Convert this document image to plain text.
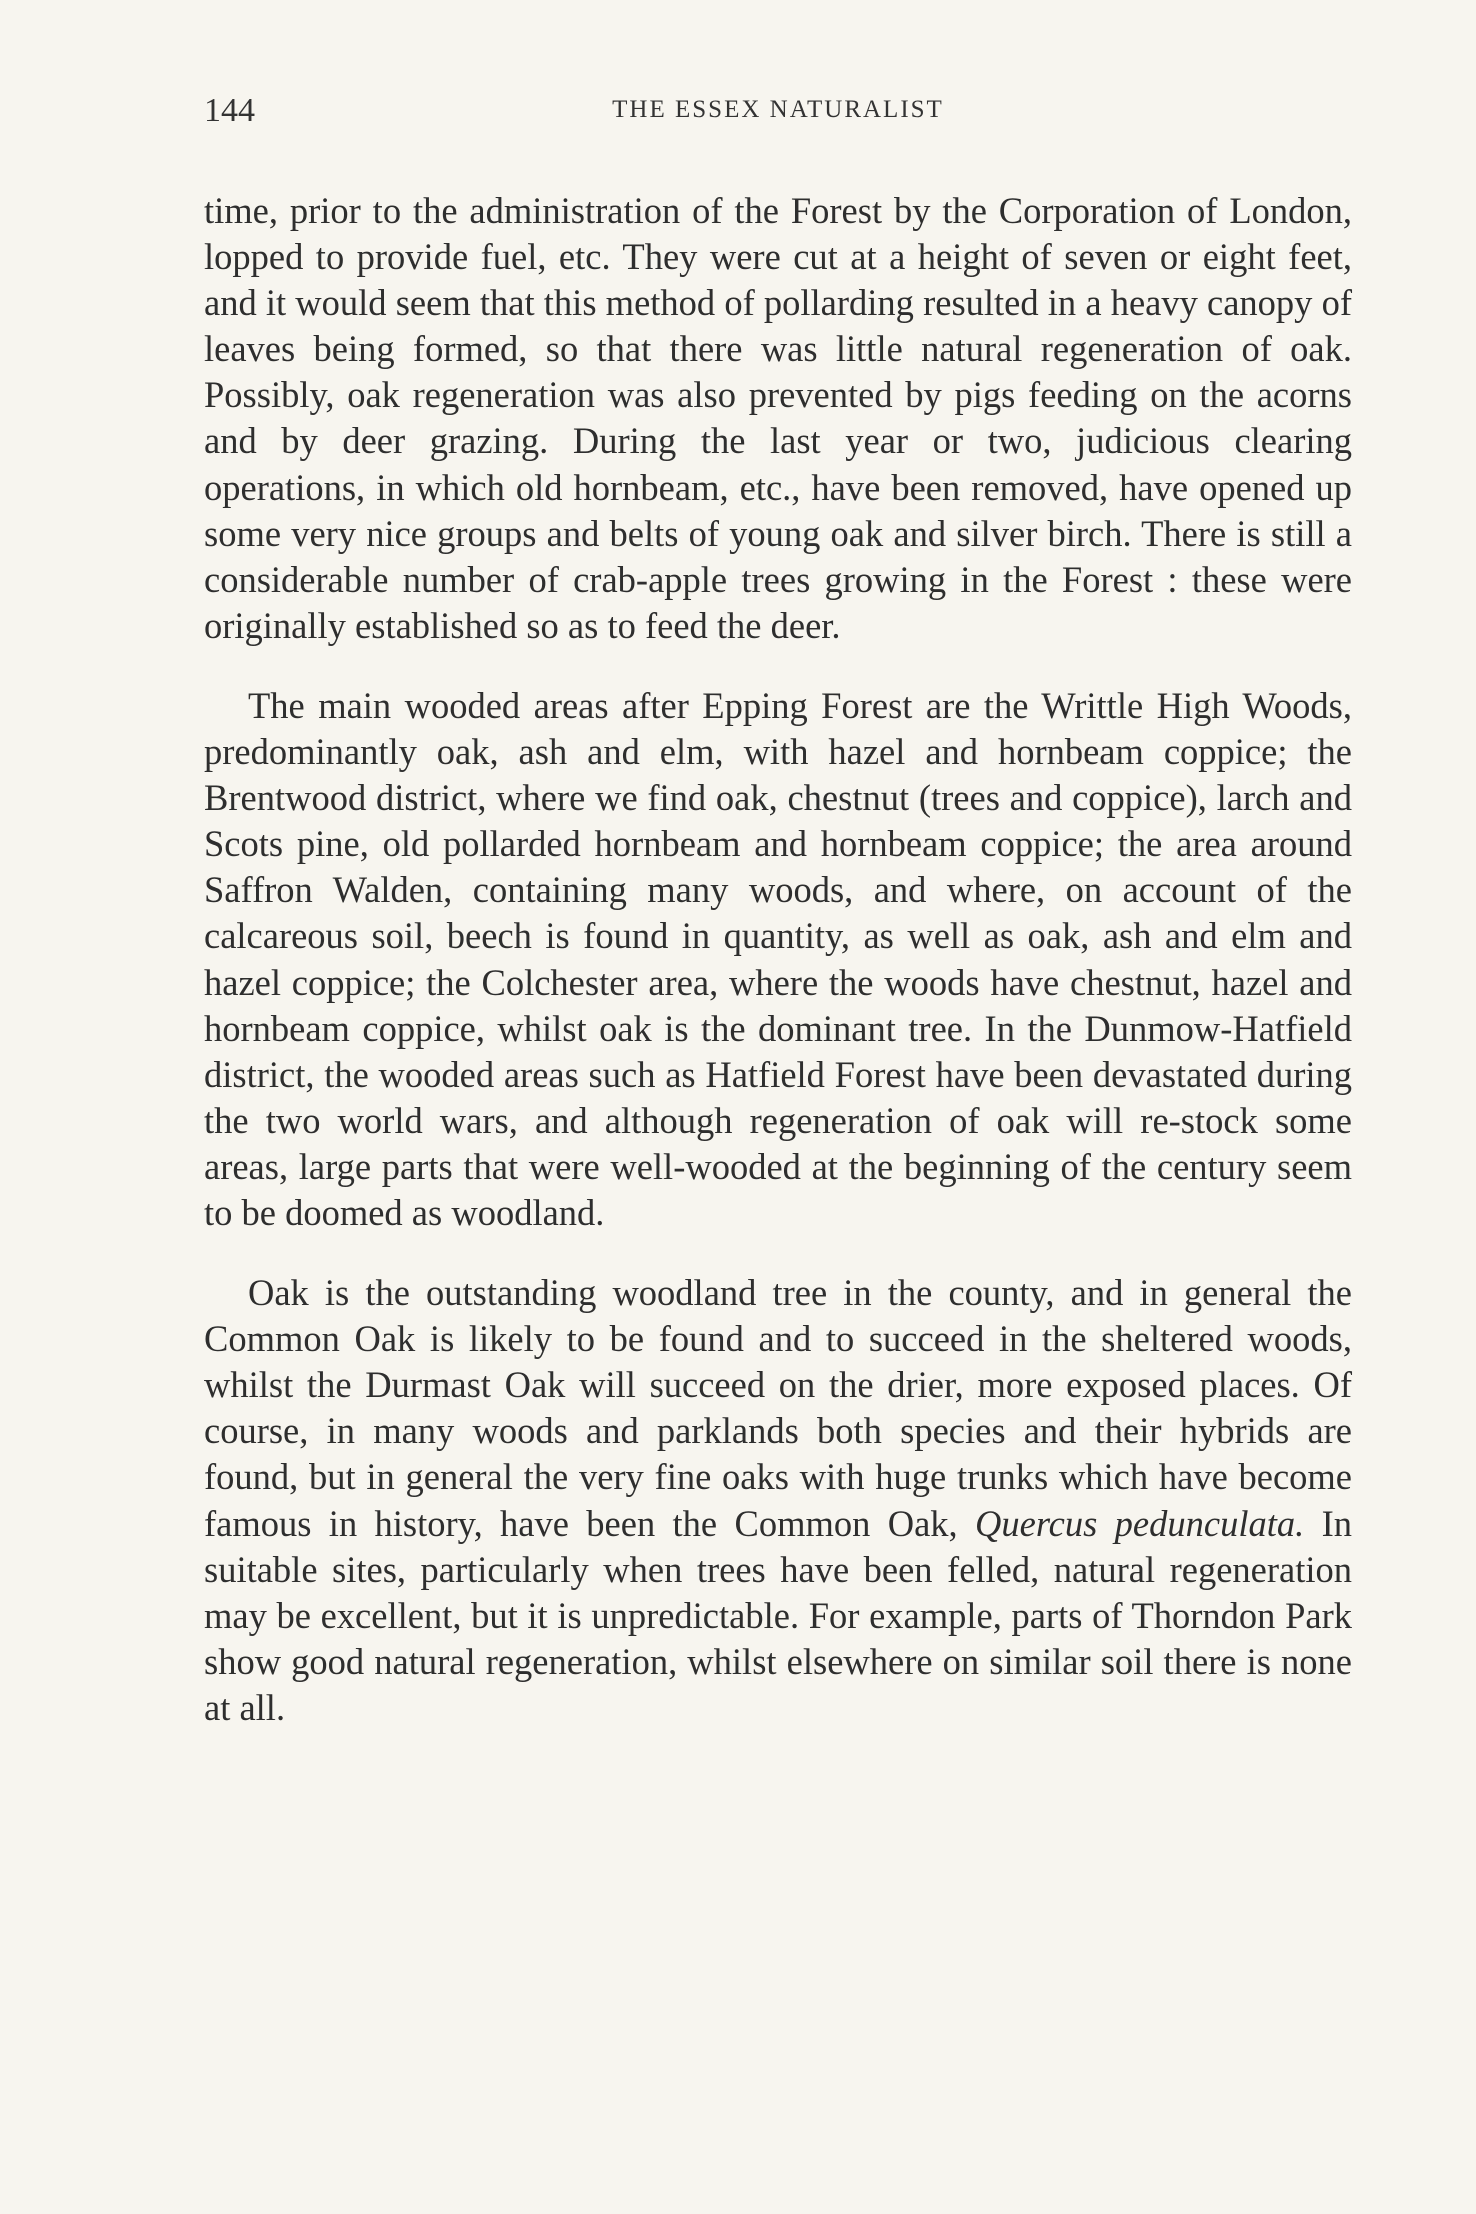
144	THE ESSEX NATURALIST

time, prior to the administration of the Forest by the Corporation of London, lopped to provide fuel, etc. They were cut at a height of seven or eight feet, and it would seem that this method of pollarding resulted in a heavy canopy of leaves being formed, so that there was little natural regeneration of oak. Possibly, oak regeneration was also prevented by pigs feeding on the acorns and by deer grazing. During the last year or two, judicious clearing operations, in which old hornbeam, etc., have been removed, have opened up some very nice groups and belts of young oak and silver birch. There is still a considerable number of crab-apple trees growing in the Forest : these were originally established so as to feed the deer.

The main wooded areas after Epping Forest are the Writtle High Woods, predominantly oak, ash and elm, with hazel and hornbeam coppice; the Brentwood district, where we find oak, chestnut (trees and coppice), larch and Scots pine, old pollarded hornbeam and hornbeam coppice; the area around Saffron Walden, containing many woods, and where, on account of the calcareous soil, beech is found in quantity, as well as oak, ash and elm and hazel coppice; the Colchester area, where the woods have chestnut, hazel and hornbeam coppice, whilst oak is the dominant tree. In the Dunmow-Hatfield district, the wooded areas such as Hatfield Forest have been devastated during the two world wars, and although regeneration of oak will re-stock some areas, large parts that were well-wooded at the beginning of the century seem to be doomed as woodland.

Oak is the outstanding woodland tree in the county, and in general the Common Oak is likely to be found and to succeed in the sheltered woods, whilst the Durmast Oak will succeed on the drier, more exposed places. Of course, in many woods and parklands both species and their hybrids are found, but in general the very fine oaks with huge trunks which have become famous in history, have been the Common Oak, Quercus pedunculata. In suitable sites, particularly when trees have been felled, natural regeneration may be excellent, but it is unpredictable. For example, parts of Thorndon Park show good natural regeneration, whilst elsewhere on similar soil there is none at all.
